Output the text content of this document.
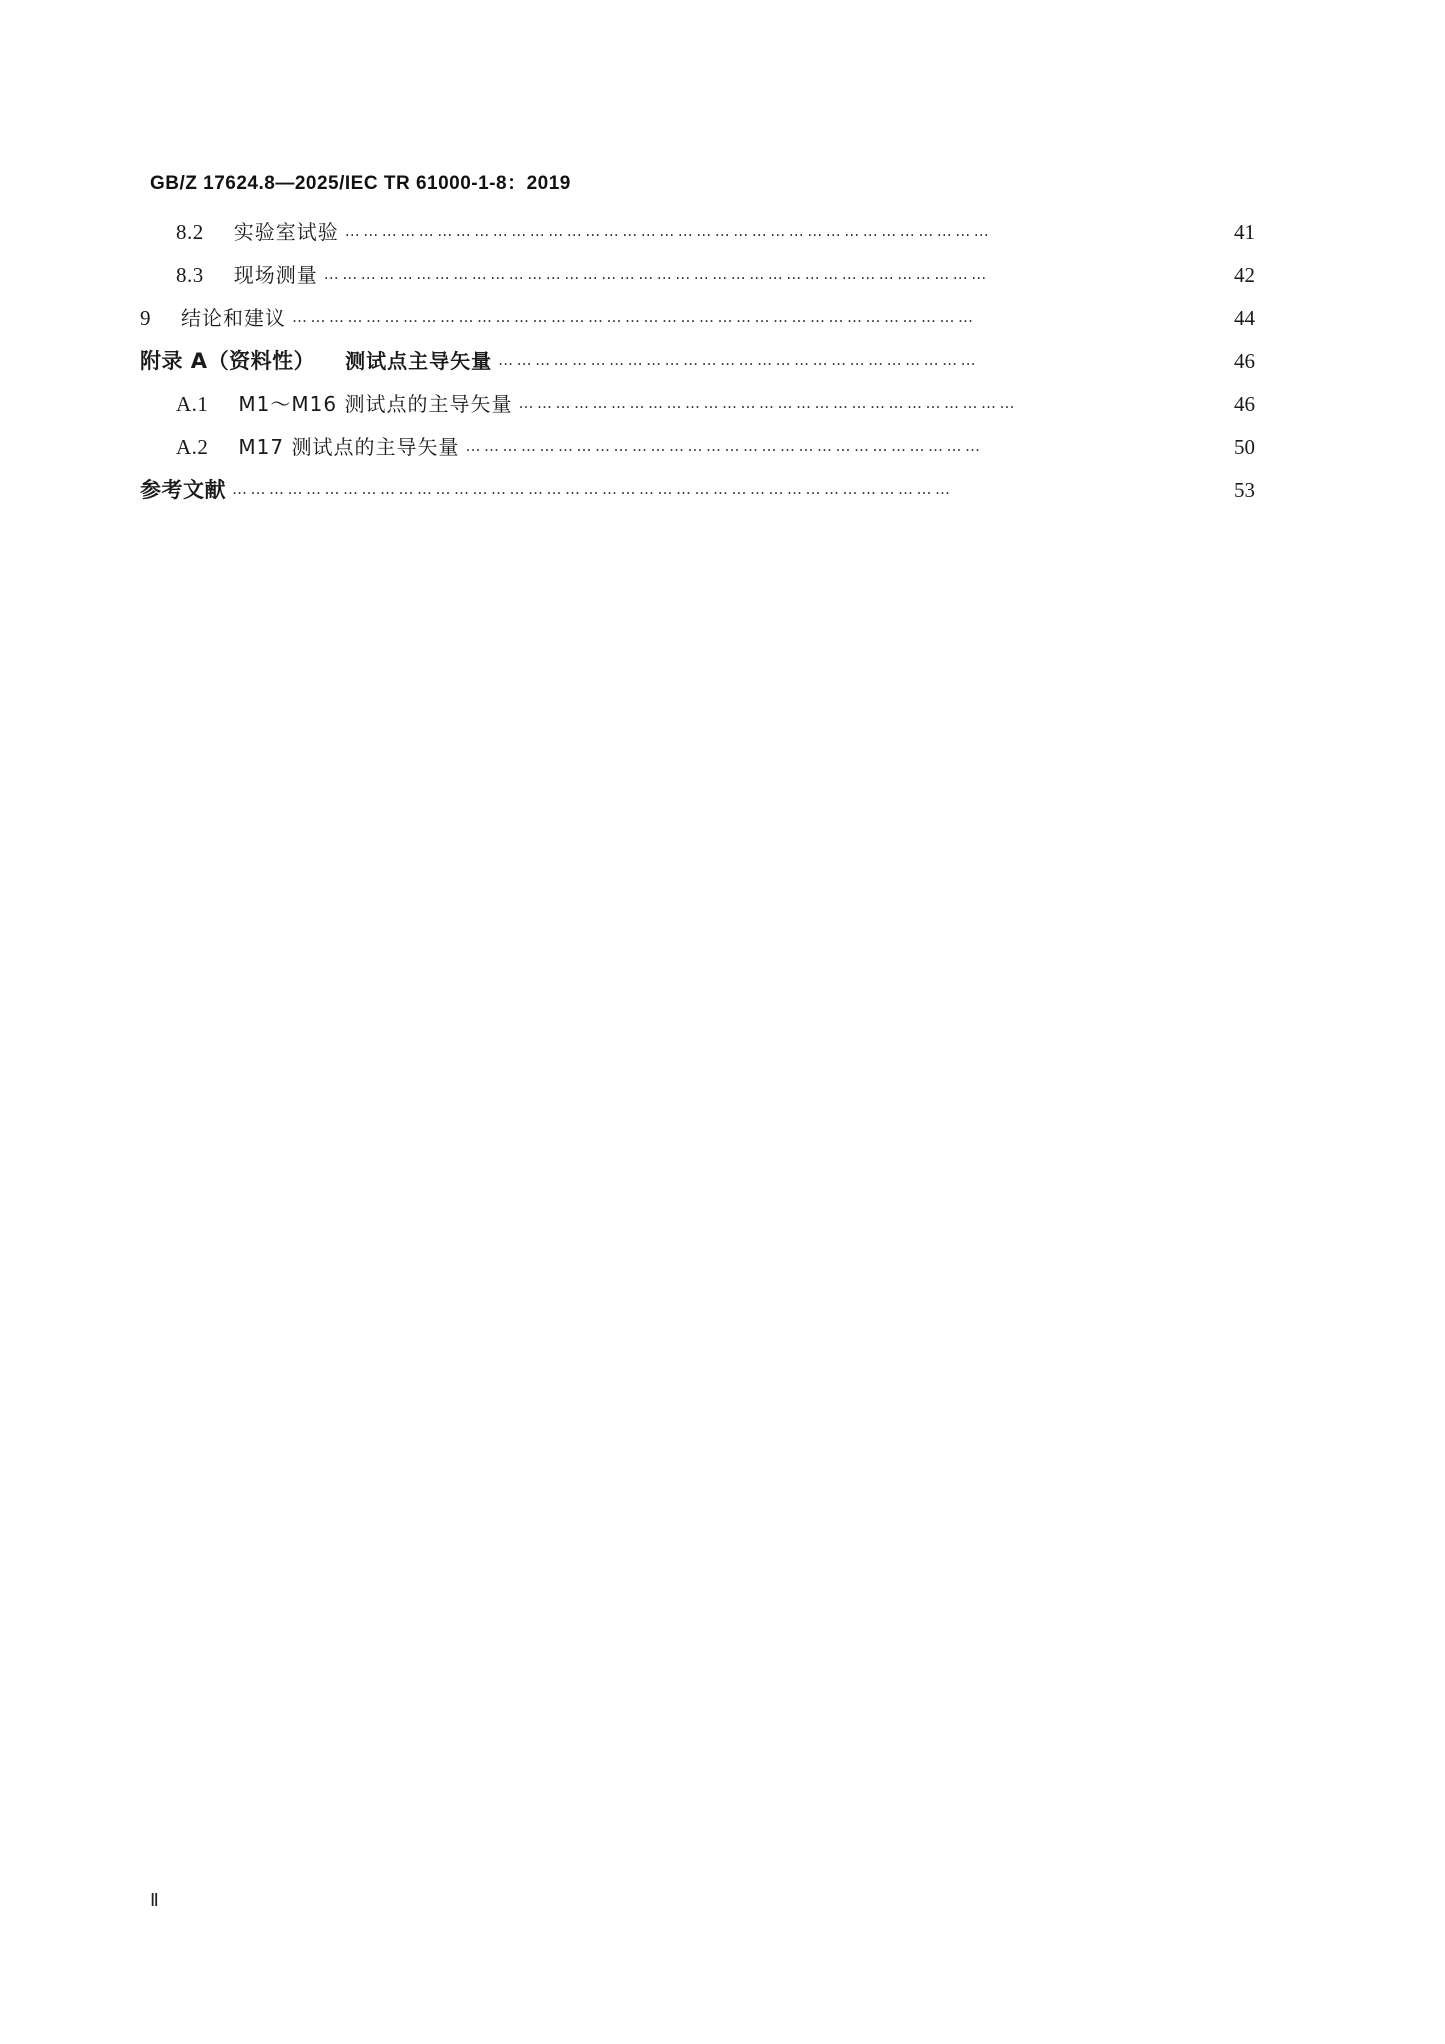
GB/Z 17624.8—2025/IEC TR 61000-1-8：2019
8.2 实验室试验 ……………………………………………………………………………………………	41
8.3 现场测量 ………………………………………………………………………………………………	42
9 结论和建议 …………………………………………………………………………………………………	44
附录 A（资料性） 测试点主导矢量 ……………………………………………………………………	46
A.1 M1～M16 测试点的主导矢量 ………………………………………………………………………	46
A.2 M17 测试点的主导矢量 …………………………………………………………………………	50
参考文献 ………………………………………………………………………………………………………	53
Ⅱ
